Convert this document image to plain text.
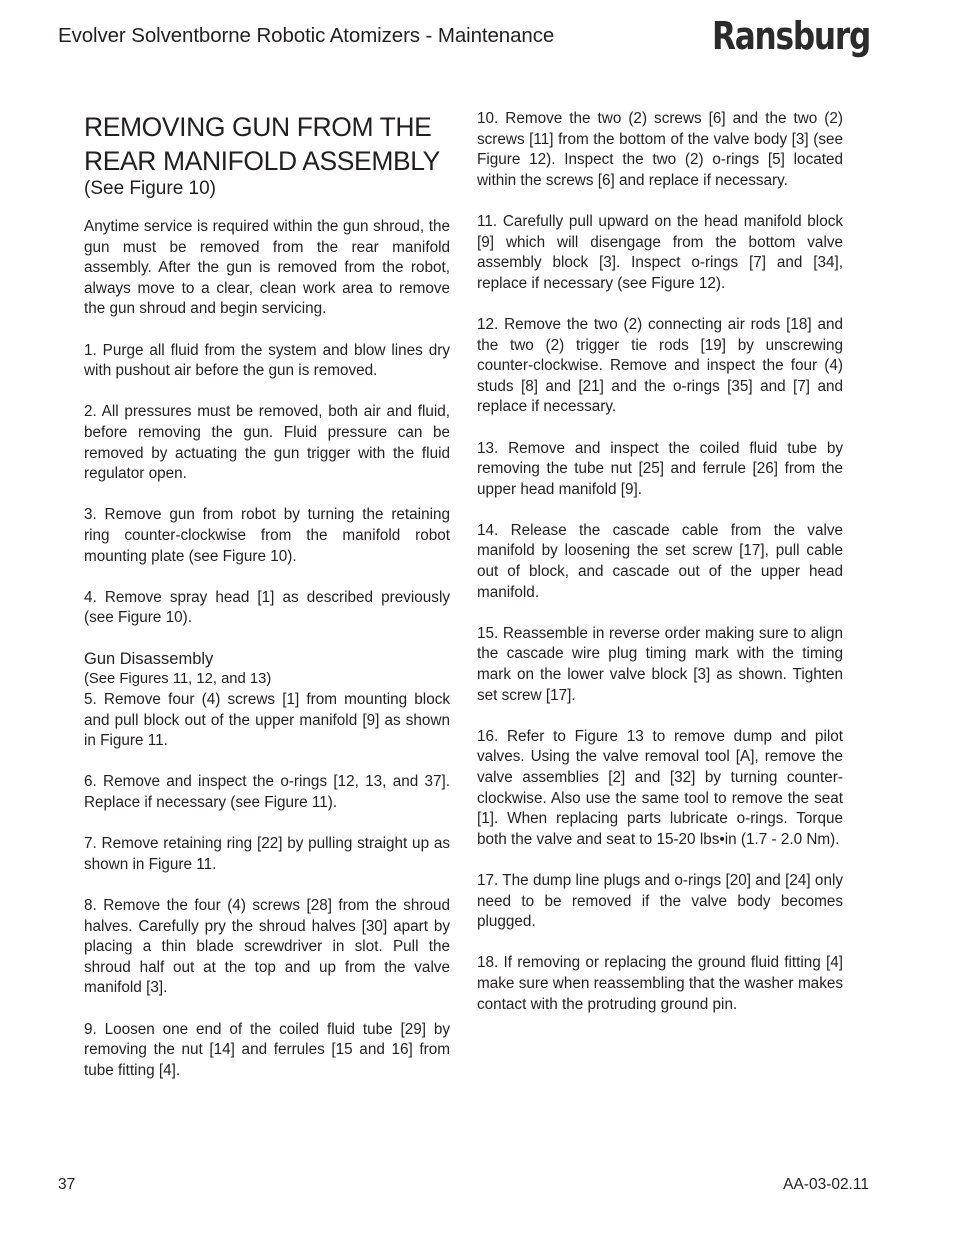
Evolver Solventborne Robotic Atomizers - Maintenance	Ransburg
REMOVING GUN FROM THE
REAR MANIFOLD ASSEMBLY
(See Figure 10)

Anytime service is required within the gun shroud, the gun must be removed from the rear manifold assembly. After the gun is removed from the robot, always move to a clear, clean work area to remove the gun shroud and begin servicing.

1. Purge all fluid from the system and blow lines dry with pushout air before the gun is removed.

2. All pressures must be removed, both air and fluid, before removing the gun. Fluid pressure can be removed by actuating the gun trigger with the fluid regulator open.

3. Remove gun from robot by turning the retaining ring counter-clockwise from the manifold robot mounting plate (see Figure 10).

4. Remove spray head [1] as described previously (see Figure 10).

Gun Disassembly
(See Figures 11, 12, and 13)

5. Remove four (4) screws [1] from mounting block and pull block out of the upper manifold [9] as shown in Figure 11.

6. Remove and inspect the o-rings [12, 13, and 37]. Replace if necessary (see Figure 11).

7. Remove retaining ring [22] by pulling straight up as shown in Figure 11.

8. Remove the four (4) screws [28] from the shroud halves. Carefully pry the shroud halves [30] apart by placing a thin blade screwdriver in slot. Pull the shroud half out at the top and up from the valve manifold [3].

9. Loosen one end of the coiled fluid tube [29] by removing the nut [14] and ferrules [15 and 16] from tube fitting [4].

10. Remove the two (2) screws [6] and the two (2) screws [11] from the bottom of the valve body [3] (see Figure 12). Inspect the two (2) o-rings [5] located within the screws [6] and replace if necessary.

11. Carefully pull upward on the head manifold block [9] which will disengage from the bottom valve assembly block [3]. Inspect o-rings [7] and [34], replace if necessary (see Figure 12).

12. Remove the two (2) connecting air rods [18] and the two (2) trigger tie rods [19] by unscrewing counter-clockwise. Remove and inspect the four (4) studs [8] and [21] and the o-rings [35] and [7] and replace if necessary.

13. Remove and inspect the coiled fluid tube by removing the tube nut [25] and ferrule [26] from the upper head manifold [9].

14. Release the cascade cable from the valve manifold by loosening the set screw [17], pull cable out of block, and cascade out of the upper head manifold.

15. Reassemble in reverse order making sure to align the cascade wire plug timing mark with the timing mark on the lower valve block [3] as shown. Tighten set screw [17].

16. Refer to Figure 13 to remove dump and pilot valves. Using the valve removal tool [A], remove the valve assemblies [2] and [32] by turning counter-clockwise. Also use the same tool to remove the seat [1]. When replacing parts lubricate o-rings. Torque both the valve and seat to 15-20 lbs•in (1.7 - 2.0 Nm).

17. The dump line plugs and o-rings [20] and [24] only need to be removed if the valve body becomes plugged.

18. If removing or replacing the ground fluid fitting [4] make sure when reassembling that the washer makes contact with the protruding ground pin.

37	AA-03-02.11
